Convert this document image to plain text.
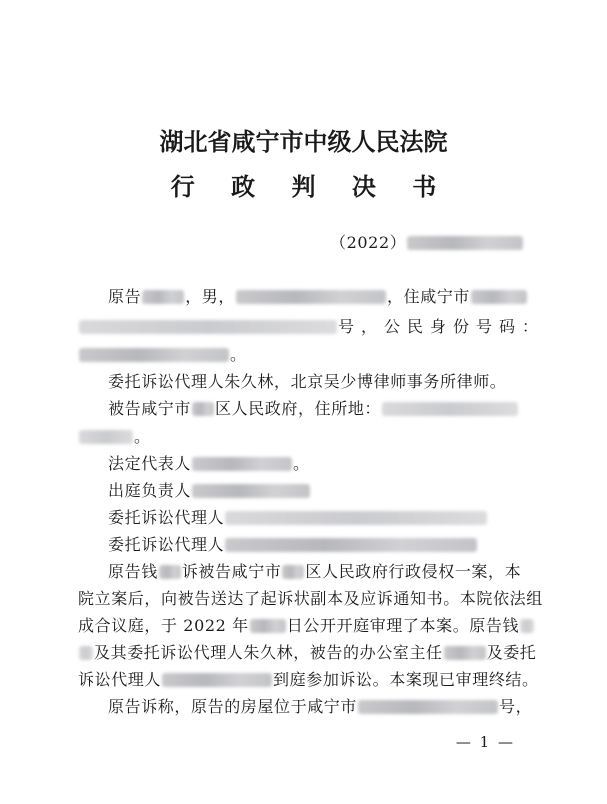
湖北省咸宁市中级人民法院
行 政 判 决 书
（2022）
原告	，男，	，住咸宁市
号，公民身份号码：
。
委托诉讼代理人朱久林，北京吴少博律师事务所律师。
被告咸宁市 区人民政府，住所地：
。
法定代表人	。
出庭负责人
委托诉讼代理人
委托诉讼代理人
原告钱 诉被告咸宁市 区人民政府行政侵权一案，本
院立案后，向被告送达了起诉状副本及应诉通知书。本院依法组
成合议庭，于 2022 年 日公开开庭审理了本案。原告钱
及其委托诉讼代理人朱久林，被告的办公室主任	及委托
诉讼代理人	到庭参加诉讼。本案现已审理终结。
原告诉称，原告的房屋位于咸宁市	号，
— 1 —
